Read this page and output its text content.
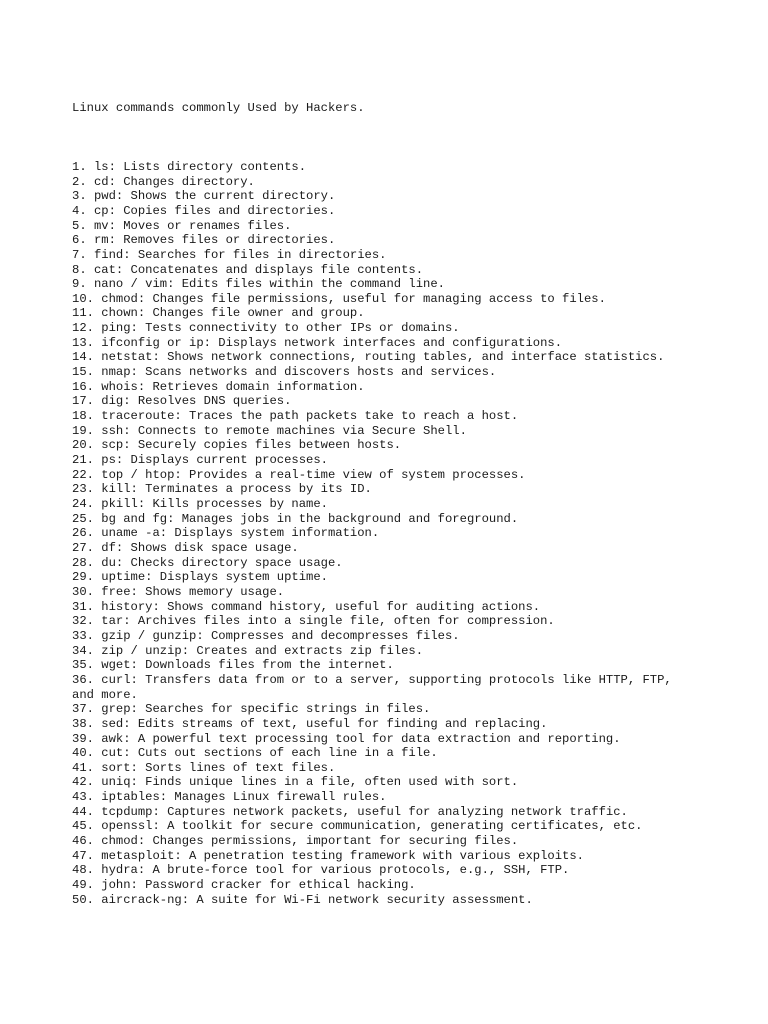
Linux commands commonly Used by Hackers.

1. ls: Lists directory contents.
2. cd: Changes directory.
3. pwd: Shows the current directory.
4. cp: Copies files and directories.
5. mv: Moves or renames files.
6. rm: Removes files or directories.
7. find: Searches for files in directories.
8. cat: Concatenates and displays file contents.
9. nano / vim: Edits files within the command line.
10. chmod: Changes file permissions, useful for managing access to files.
11. chown: Changes file owner and group.
12. ping: Tests connectivity to other IPs or domains.
13. ifconfig or ip: Displays network interfaces and configurations.
14. netstat: Shows network connections, routing tables, and interface statistics.
15. nmap: Scans networks and discovers hosts and services.
16. whois: Retrieves domain information.
17. dig: Resolves DNS queries.
18. traceroute: Traces the path packets take to reach a host.
19. ssh: Connects to remote machines via Secure Shell.
20. scp: Securely copies files between hosts.
21. ps: Displays current processes.
22. top / htop: Provides a real-time view of system processes.
23. kill: Terminates a process by its ID.
24. pkill: Kills processes by name.
25. bg and fg: Manages jobs in the background and foreground.
26. uname -a: Displays system information.
27. df: Shows disk space usage.
28. du: Checks directory space usage.
29. uptime: Displays system uptime.
30. free: Shows memory usage.
31. history: Shows command history, useful for auditing actions.
32. tar: Archives files into a single file, often for compression.
33. gzip / gunzip: Compresses and decompresses files.
34. zip / unzip: Creates and extracts zip files.
35. wget: Downloads files from the internet.
36. curl: Transfers data from or to a server, supporting protocols like HTTP, FTP,
and more.
37. grep: Searches for specific strings in files.
38. sed: Edits streams of text, useful for finding and replacing.
39. awk: A powerful text processing tool for data extraction and reporting.
40. cut: Cuts out sections of each line in a file.
41. sort: Sorts lines of text files.
42. uniq: Finds unique lines in a file, often used with sort.
43. iptables: Manages Linux firewall rules.
44. tcpdump: Captures network packets, useful for analyzing network traffic.
45. openssl: A toolkit for secure communication, generating certificates, etc.
46. chmod: Changes permissions, important for securing files.
47. metasploit: A penetration testing framework with various exploits.
48. hydra: A brute-force tool for various protocols, e.g., SSH, FTP.
49. john: Password cracker for ethical hacking.
50. aircrack-ng: A suite for Wi-Fi network security assessment.
